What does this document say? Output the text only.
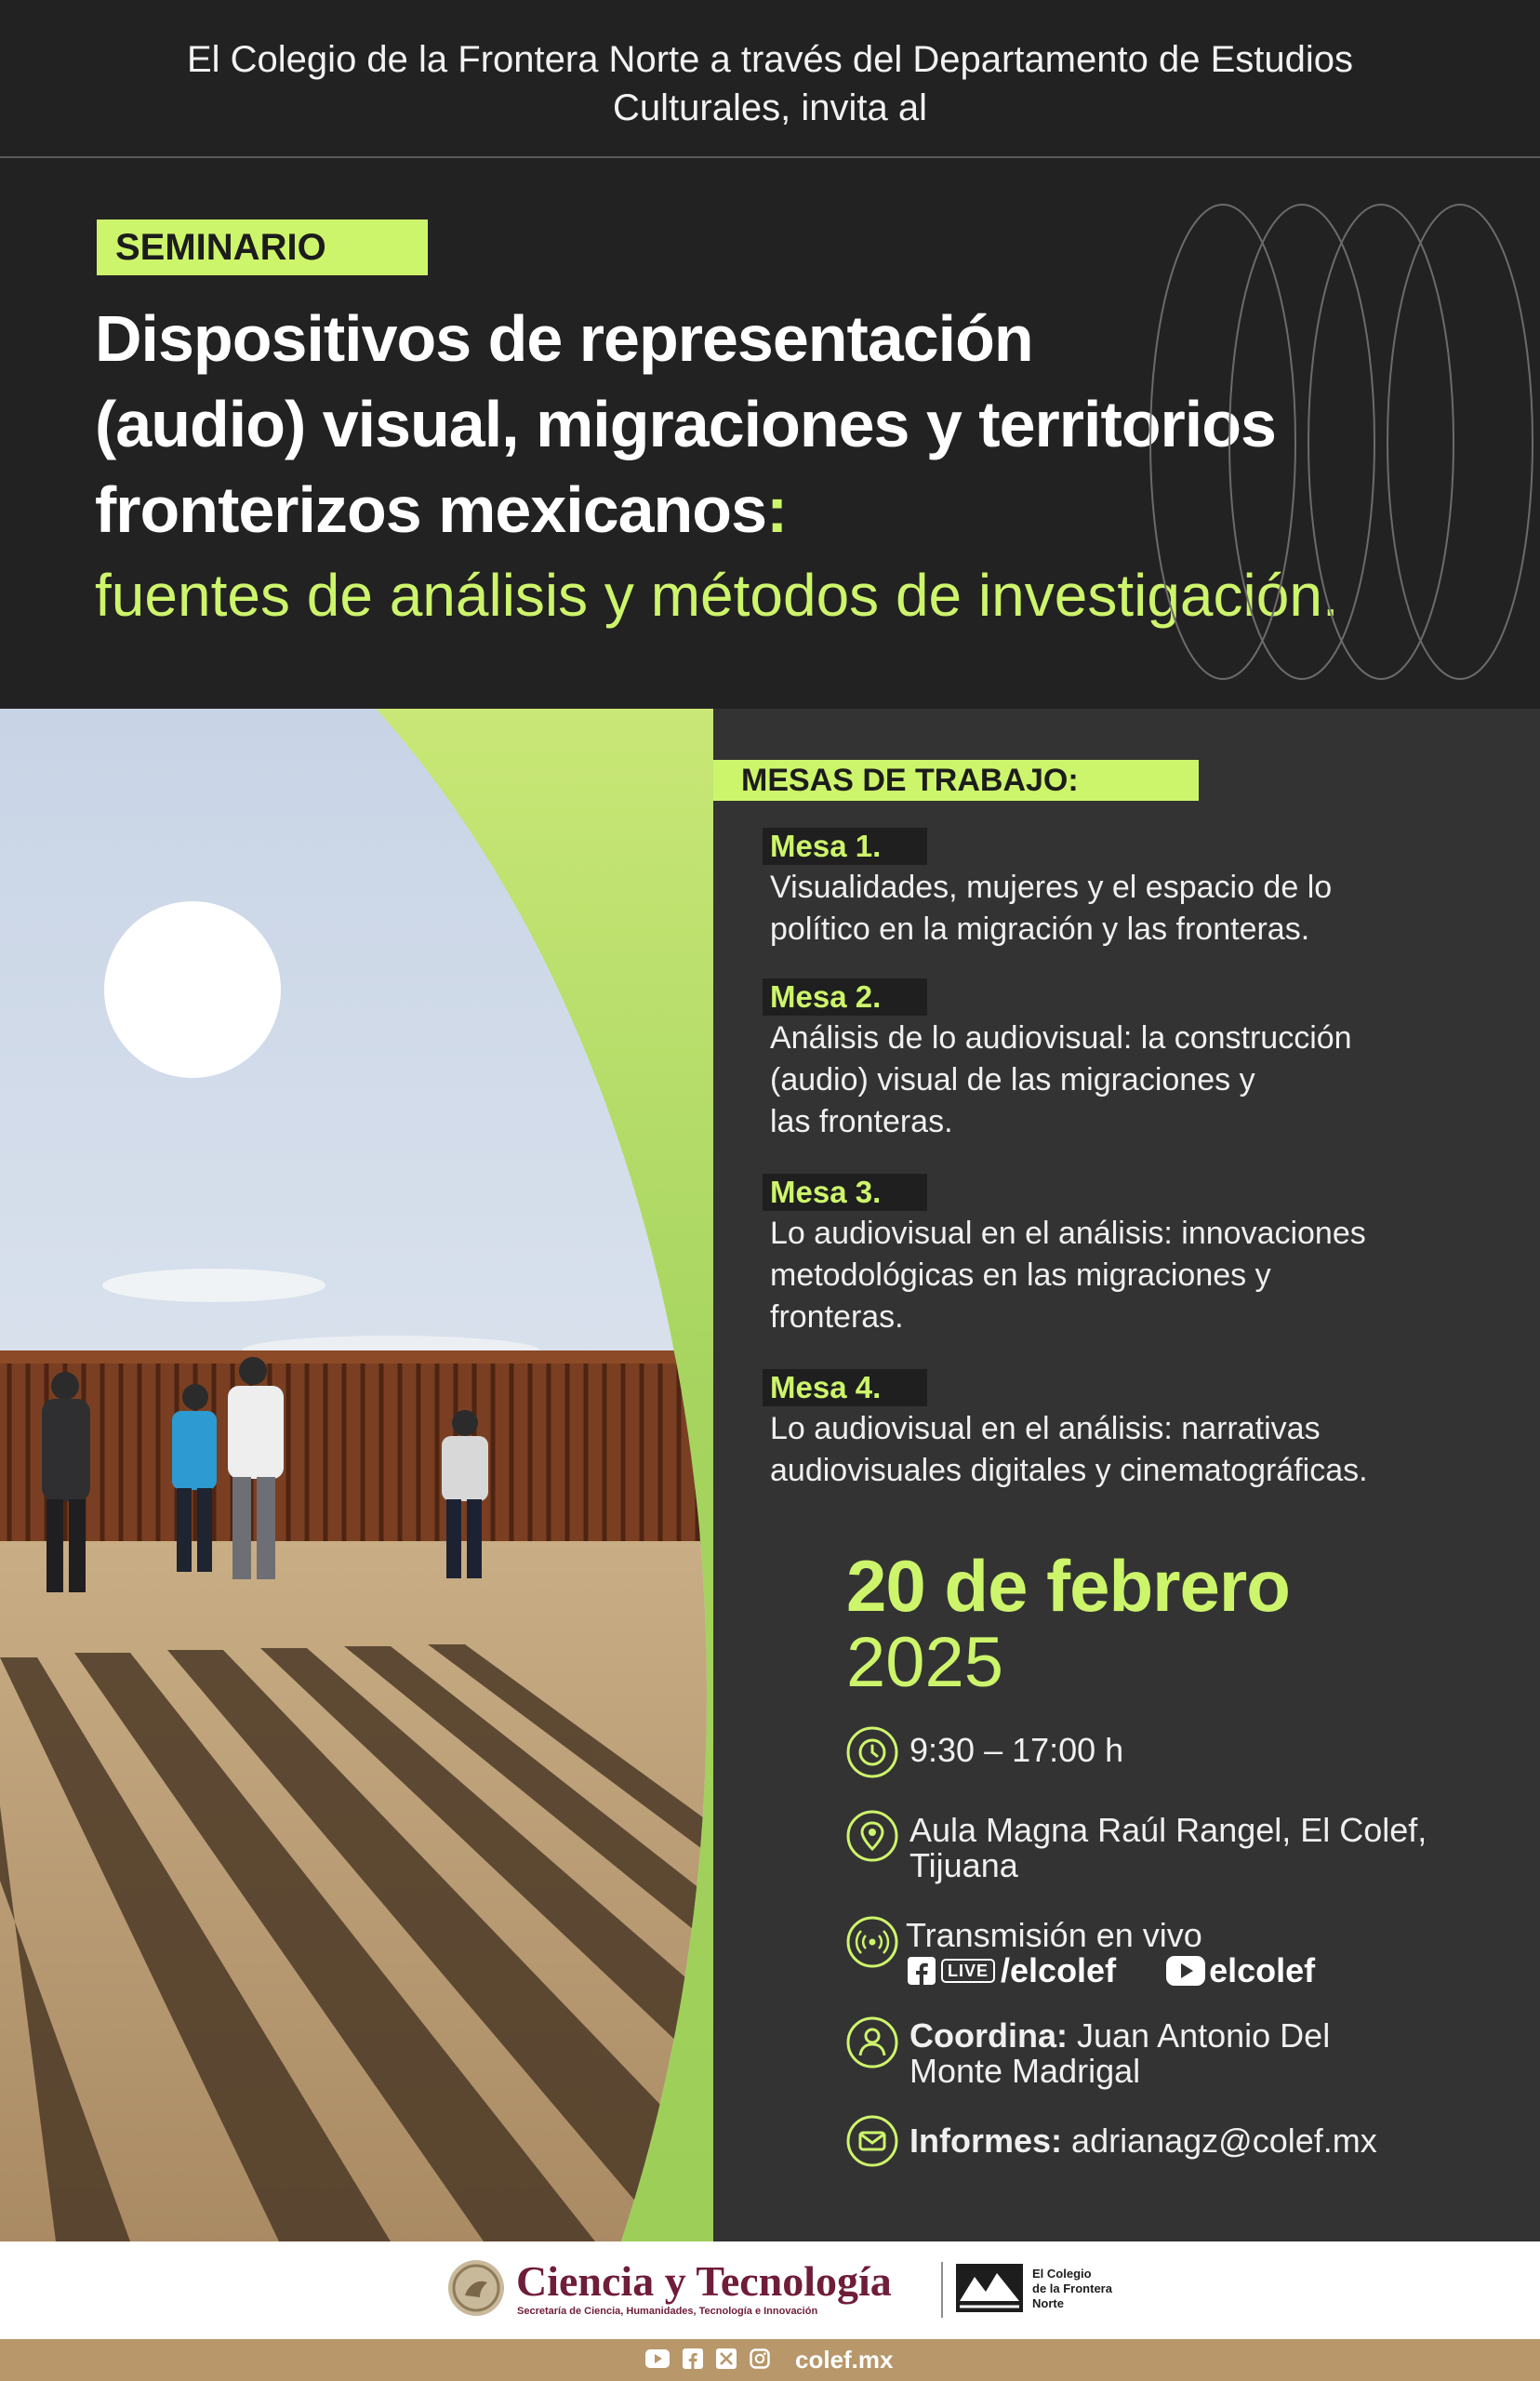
El Colegio de la Frontera Norte a través del Departamento de Estudios
Culturales, invita al
SEMINARIO
Dispositivos de representación
(audio) visual, migraciones y territorios
fronterizos mexicanos:
fuentes de análisis y métodos de investigación.
MESAS DE TRABAJO:
Mesa 1.
Visualidades, mujeres y el espacio de lo
político en la migración y las fronteras.
Mesa 2.
Análisis de lo audiovisual: la construcción
(audio) visual de las migraciones y
las fronteras.
Mesa 3.
Lo audiovisual en el análisis: innovaciones
metodológicas en las migraciones y
fronteras.
Mesa 4.
Lo audiovisual en el análisis: narrativas
audiovisuales digitales y cinematográficas.
20 de febrero
2025
9:30 – 17:00 h
Aula Magna Raúl Rangel, El Colef,
Tijuana
Transmisión en vivo
LIVE /elcolef	elcolef
Coordina: Juan Antonio Del
Monte Madrigal
Informes: adrianagz@colef.mx
Ciencia y Tecnología
Secretaría de Ciencia, Humanidades, Tecnología e Innovación
El Colegio
de la Frontera
Norte
colef.mx
